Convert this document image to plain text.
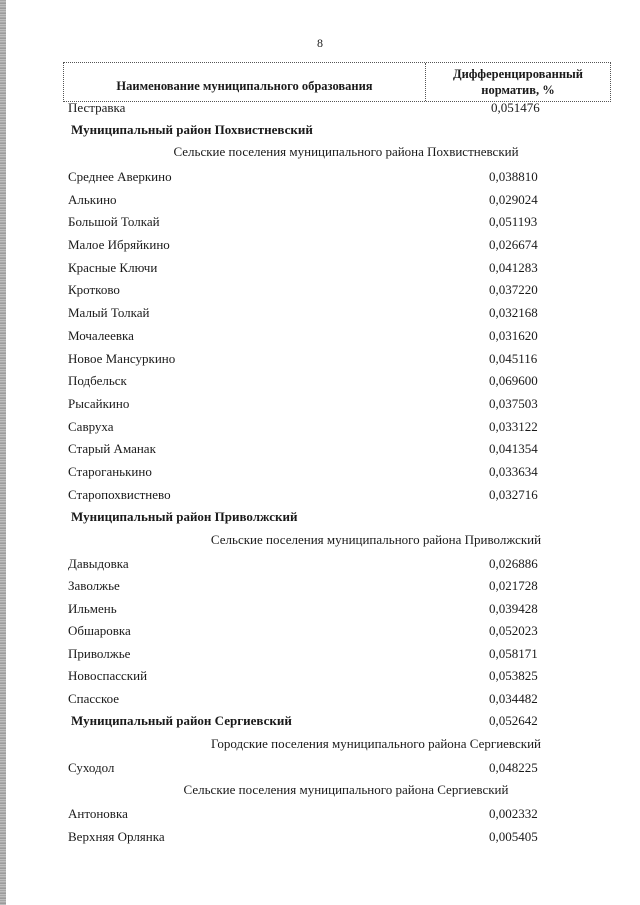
8
Наименование муниципального образования
Дифференцированный
норматив, %
Пестравка	0,051476
Муниципальный район Похвистневский
Сельские поселения муниципального района Похвистневский
Среднее Аверкино	0,038810
Алькино	0,029024
Большой Толкай	0,051193
Малое Ибряйкино	0,026674
Красные Ключи	0,041283
Кротково	0,037220
Малый Толкай	0,032168
Мочалеевка	0,031620
Новое Мансуркино	0,045116
Подбельск	0,069600
Рысайкино	0,037503
Савруха	0,033122
Старый Аманак	0,041354
Староганькино	0,033634
Старопохвистнево	0,032716
Муниципальный район Приволжский
Сельские поселения муниципального района Приволжский
Давыдовка	0,026886
Заволжье	0,021728
Ильмень	0,039428
Обшаровка	0,052023
Приволжье	0,058171
Новоспасский	0,053825
Спасское	0,034482
Муниципальный район Сергиевский	0,052642
Городские поселения муниципального района Сергиевский
Суходол	0,048225
Сельские поселения муниципального района Сергиевский
Антоновка	0,002332
Верхняя Орлянка	0,005405
